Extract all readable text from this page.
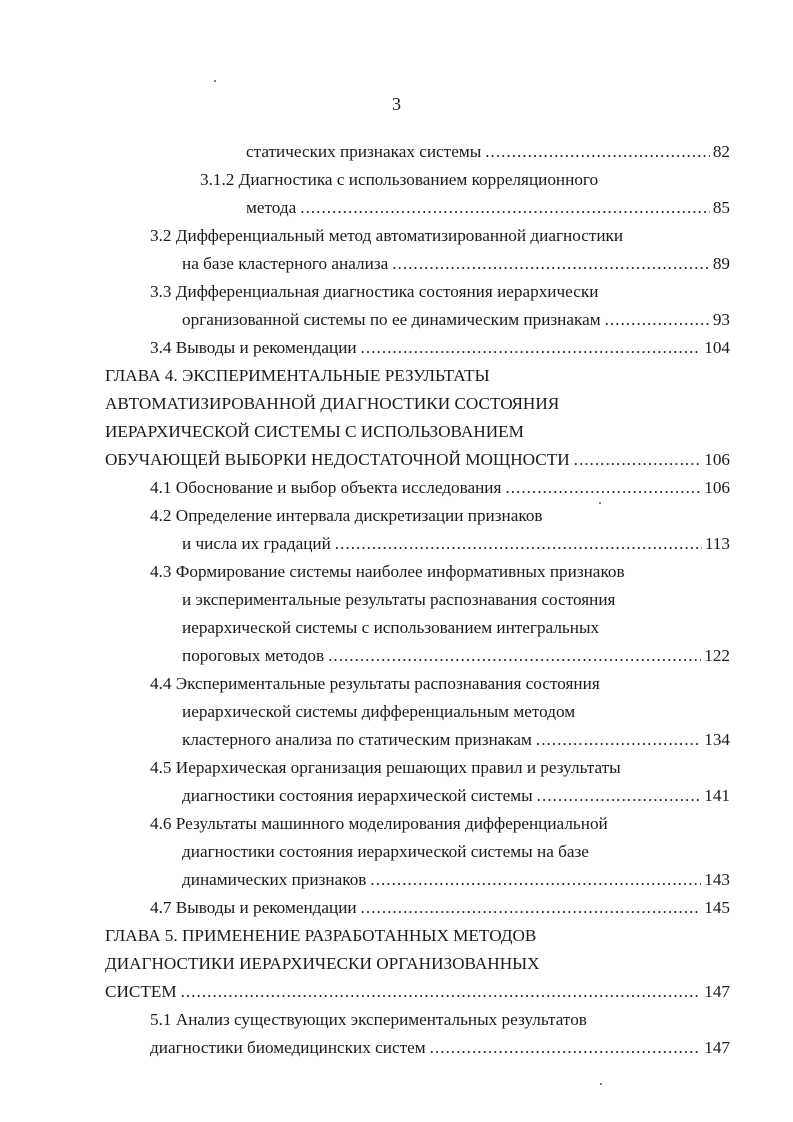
3
статических признаках системы .....	82
3.1.2 Диагностика с использованием корреляционного
метода .....	85
3.2 Дифференциальный метод автоматизированной диагностики
на базе кластерного анализа .....	89
3.3 Дифференциальная диагностика состояния иерархически
организованной системы по ее динамическим признакам .....	93
3.4 Выводы и рекомендации .....	104
ГЛАВА 4. ЭКСПЕРИМЕНТАЛЬНЫЕ РЕЗУЛЬТАТЫ
АВТОМАТИЗИРОВАННОЙ ДИАГНОСТИКИ СОСТОЯНИЯ
ИЕРАРХИЧЕСКОЙ СИСТЕМЫ С ИСПОЛЬЗОВАНИЕМ
ОБУЧАЮЩЕЙ ВЫБОРКИ НЕДОСТАТОЧНОЙ МОЩНОСТИ .....	106
4.1 Обоснование и выбор объекта исследования .....	106
4.2 Определение интервала дискретизации признаков
и числа их градаций .....	113
4.3 Формирование системы наиболее информативных признаков
и экспериментальные результаты распознавания состояния
иерархической системы с использованием интегральных
пороговых методов .....	122
4.4 Экспериментальные результаты распознавания состояния
иерархической системы дифференциальным методом
кластерного анализа по статическим признакам .....	134
4.5 Иерархическая организация решающих правил и результаты
диагностики состояния иерархической системы .....	141
4.6 Результаты машинного моделирования дифференциальной
диагностики состояния иерархической системы на базе
динамических признаков .....	143
4.7 Выводы и рекомендации .....	145
ГЛАВА 5. ПРИМЕНЕНИЕ РАЗРАБОТАННЫХ МЕТОДОВ
ДИАГНОСТИКИ ИЕРАРХИЧЕСКИ ОРГАНИЗОВАННЫХ
СИСТЕМ .....	147
5.1 Анализ существующих экспериментальных результатов
диагностики биомедицинских систем .....	147
